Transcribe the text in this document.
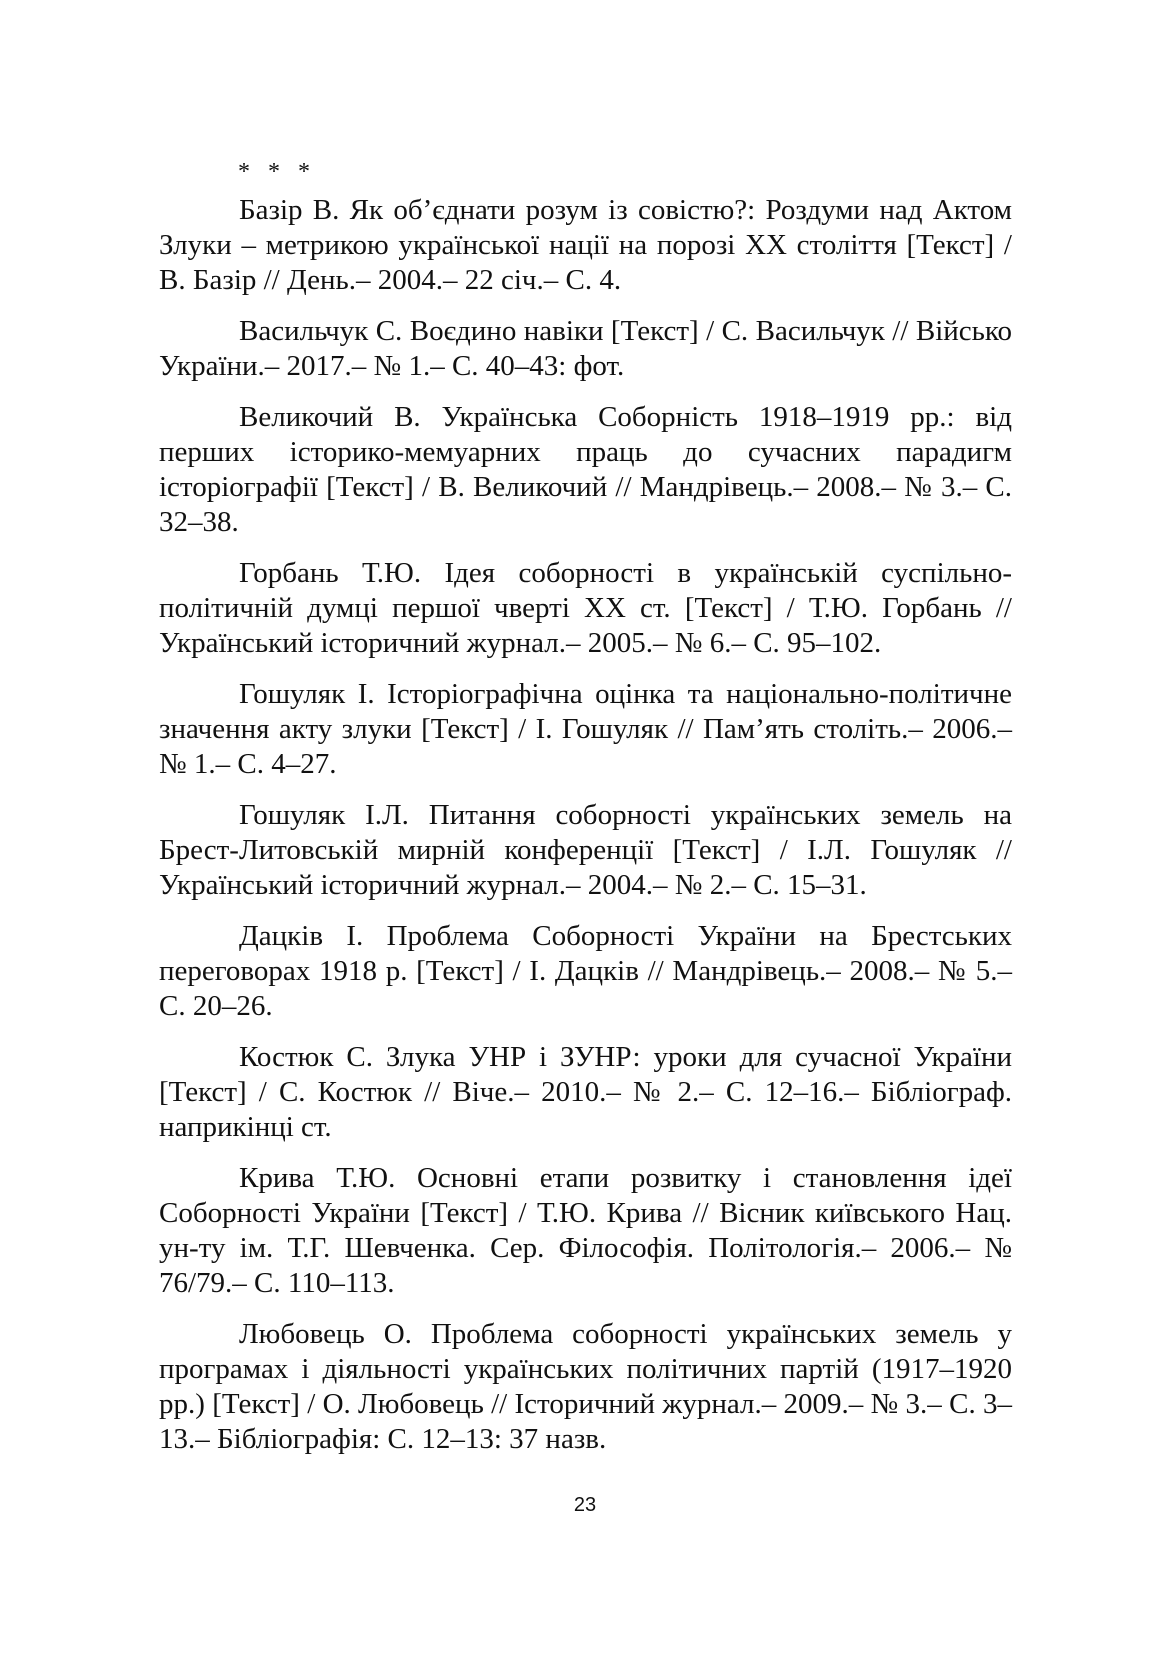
* * *

Базір В. Як об’єднати розум із совістю?: Роздуми над Актом Злуки – метрикою української нації на порозі XX століття [Текст] / В. Базір // День.– 2004.– 22 січ.– С. 4.

Васильчук С. Воєдино навіки [Текст] / С. Васильчук // Військо України.– 2017.– № 1.– С. 40–43: фот.

Великочий В. Українська Соборність 1918–1919 рр.: від перших історико-мемуарних праць до сучасних парадигм історіографії [Текст] / В. Великочий // Мандрівець.– 2008.– № 3.– С. 32–38.

Горбань Т.Ю. Ідея соборності в українській суспільно-політичній думці першої чверті XX ст. [Текст] / Т.Ю. Горбань // Український історичний журнал.– 2005.– № 6.– С. 95–102.

Гошуляк І. Історіографічна оцінка та національно-політичне значення акту злуки [Текст] / І. Гошуляк // Пам’ять століть.– 2006.– № 1.– С. 4–27.

Гошуляк І.Л. Питання соборності українських земель на Брест-Литовській мирній конференції [Текст] / І.Л. Гошуляк // Український історичний журнал.– 2004.– № 2.– С. 15–31.

Дацків І. Проблема Соборності України на Брестських переговорах 1918 р. [Текст] / І. Дацків // Мандрівець.– 2008.– № 5.– С. 20–26.

Костюк С. Злука УНР і ЗУНР: уроки для сучасної України [Текст] / С. Костюк // Віче.– 2010.– № 2.– С. 12–16.– Бібліограф. наприкінці ст.

Крива Т.Ю. Основні етапи розвитку і становлення ідеї Соборності України [Текст] / Т.Ю. Крива // Вісник київського Нац. ун-ту ім. Т.Г. Шевченка. Сер. Філософія. Політологія.– 2006.– № 76/79.– С. 110–113.

Любовець О. Проблема соборності українських земель у програмах і діяльності українських політичних партій (1917–1920 рр.) [Текст] / О. Любовець // Історичний журнал.– 2009.– № 3.– С. 3–13.– Бібліографія: С. 12–13: 37 назв.

23
